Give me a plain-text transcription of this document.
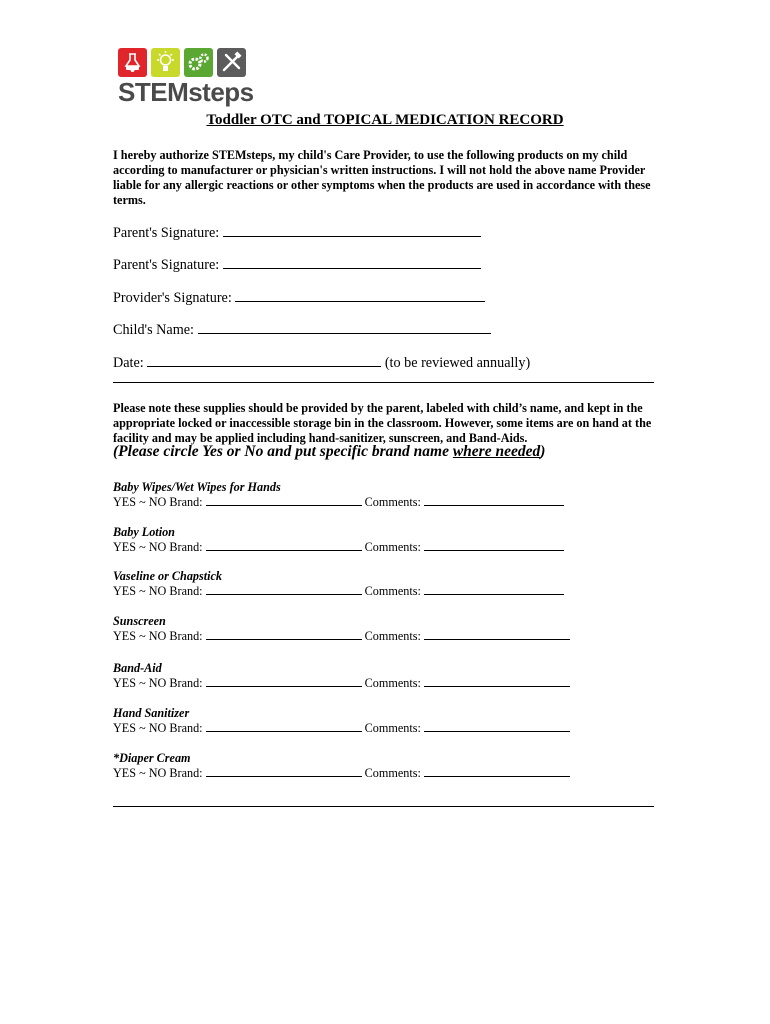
STEMsteps
Toddler OTC and TOPICAL MEDICATION RECORD
I hereby authorize STEMsteps, my child's Care Provider, to use the following products on my child according to manufacturer or physician's written instructions. I will not hold the above name Provider liable for any allergic reactions or other symptoms when the products are used in accordance with these terms.
Parent's Signature:
Parent's Signature:
Provider's Signature:
Child's Name:
Date:	(to be reviewed annually)
Please note these supplies should be provided by the parent, labeled with child’s name, and kept in the appropriate locked or inaccessible storage bin in the classroom. However, some items are on hand at the facility and may be applied including hand-sanitizer, sunscreen, and Band-Aids.
(Please circle Yes or No and put specific brand name where needed)
Baby Wipes/Wet Wipes for Hands
YES ~ NO Brand:	Comments:
Baby Lotion
YES ~ NO Brand:	Comments:
Vaseline or Chapstick
YES ~ NO Brand:	Comments:
Sunscreen
YES ~ NO Brand:	Comments:
Band-Aid
YES ~ NO Brand:	Comments:
Hand Sanitizer
YES ~ NO Brand:	Comments:
*Diaper Cream
YES ~ NO Brand:	Comments:
